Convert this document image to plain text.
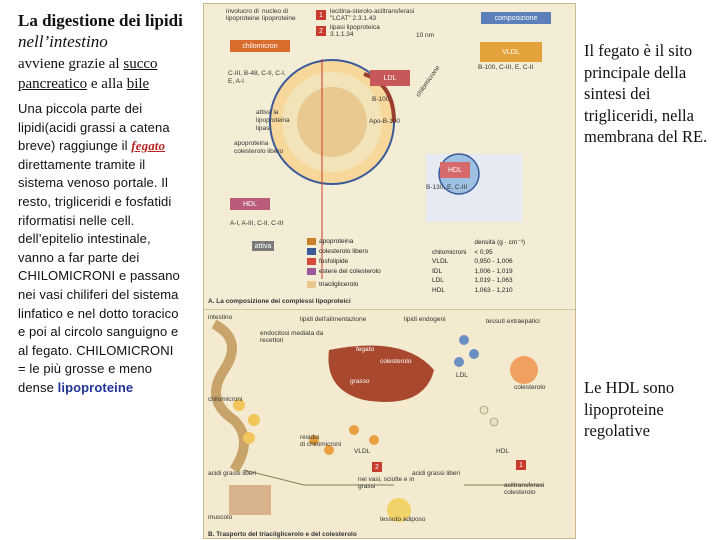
La digestione dei lipidi nell’intestino

avviene grazie al succo pancreatico e alla bile

Una piccola parte dei lipidi(acidi grassi a catena breve) raggiunge il fegato direttamente tramite il sistema venoso portale. Il resto, trigliceridi e fosfatidi riformatisi nelle cell. dell’epitelio intestinale, vanno a far parte dei CHILOMICRONI e passano nei vasi chiliferi del sistema linfatico e nel dotto toracico e poi al circolo sanguigno e al fegato. CHILOMICRONI = le più grosse e meno dense lipoproteine

Il fegato è il sito principale della sintesi dei trigliceridi, nella membrana del RE.
Le HDL sono lipoproteine regolative
involucro di lipoproteine
nucleo di lipoproteine	1	lecitina-sterolo-aciltransferasi
"LCAT" 2.3.1.43
2	lipasi lipoproteica
3.1.1.34	10 nm
composizione
chilomicron
C-III, B-48, C-II, C-I, E, A-I
attiva la
lipoproteina
lipasi
apoproteina
colesterolo libero
VLDL
B-100, C-III, E, C-II
LDL
B-100
Apo-B-100
chilomicrone
HDL
B-130, E, C-III
HDL
A-I, A-III, C-II, C-III
attiva
apoproteina
colesterolo libero
fosfolipide
estere del colesterolo
triacilglicerolo
	densità (g · cm⁻³)
chilomicroni	< 0,95
VLDL	0,950 - 1,006
IDL	1,006 - 1,019
LDL	1,019 - 1,063
HDL	1,063 - 1,210
A. La composizione dei complessi lipoproteici
intestino	lipidi dell'alimentazione	lipidi endogeni	tessuti extraepatici
endocitosi mediata da recettori
fegato
colesterolo
grasso
LDL
colesterolo
chilomicroni
residui
di chilomicroni
VLDL	HDL
2	1
acidi grassi liberi	acidi grassi liberi
nei vasi, sciolte e in grassi	aciltransferasi
colesterolo
muscolo	tessuto adiposo
B. Trasporto del triacilglicerolo e del colesterolo
